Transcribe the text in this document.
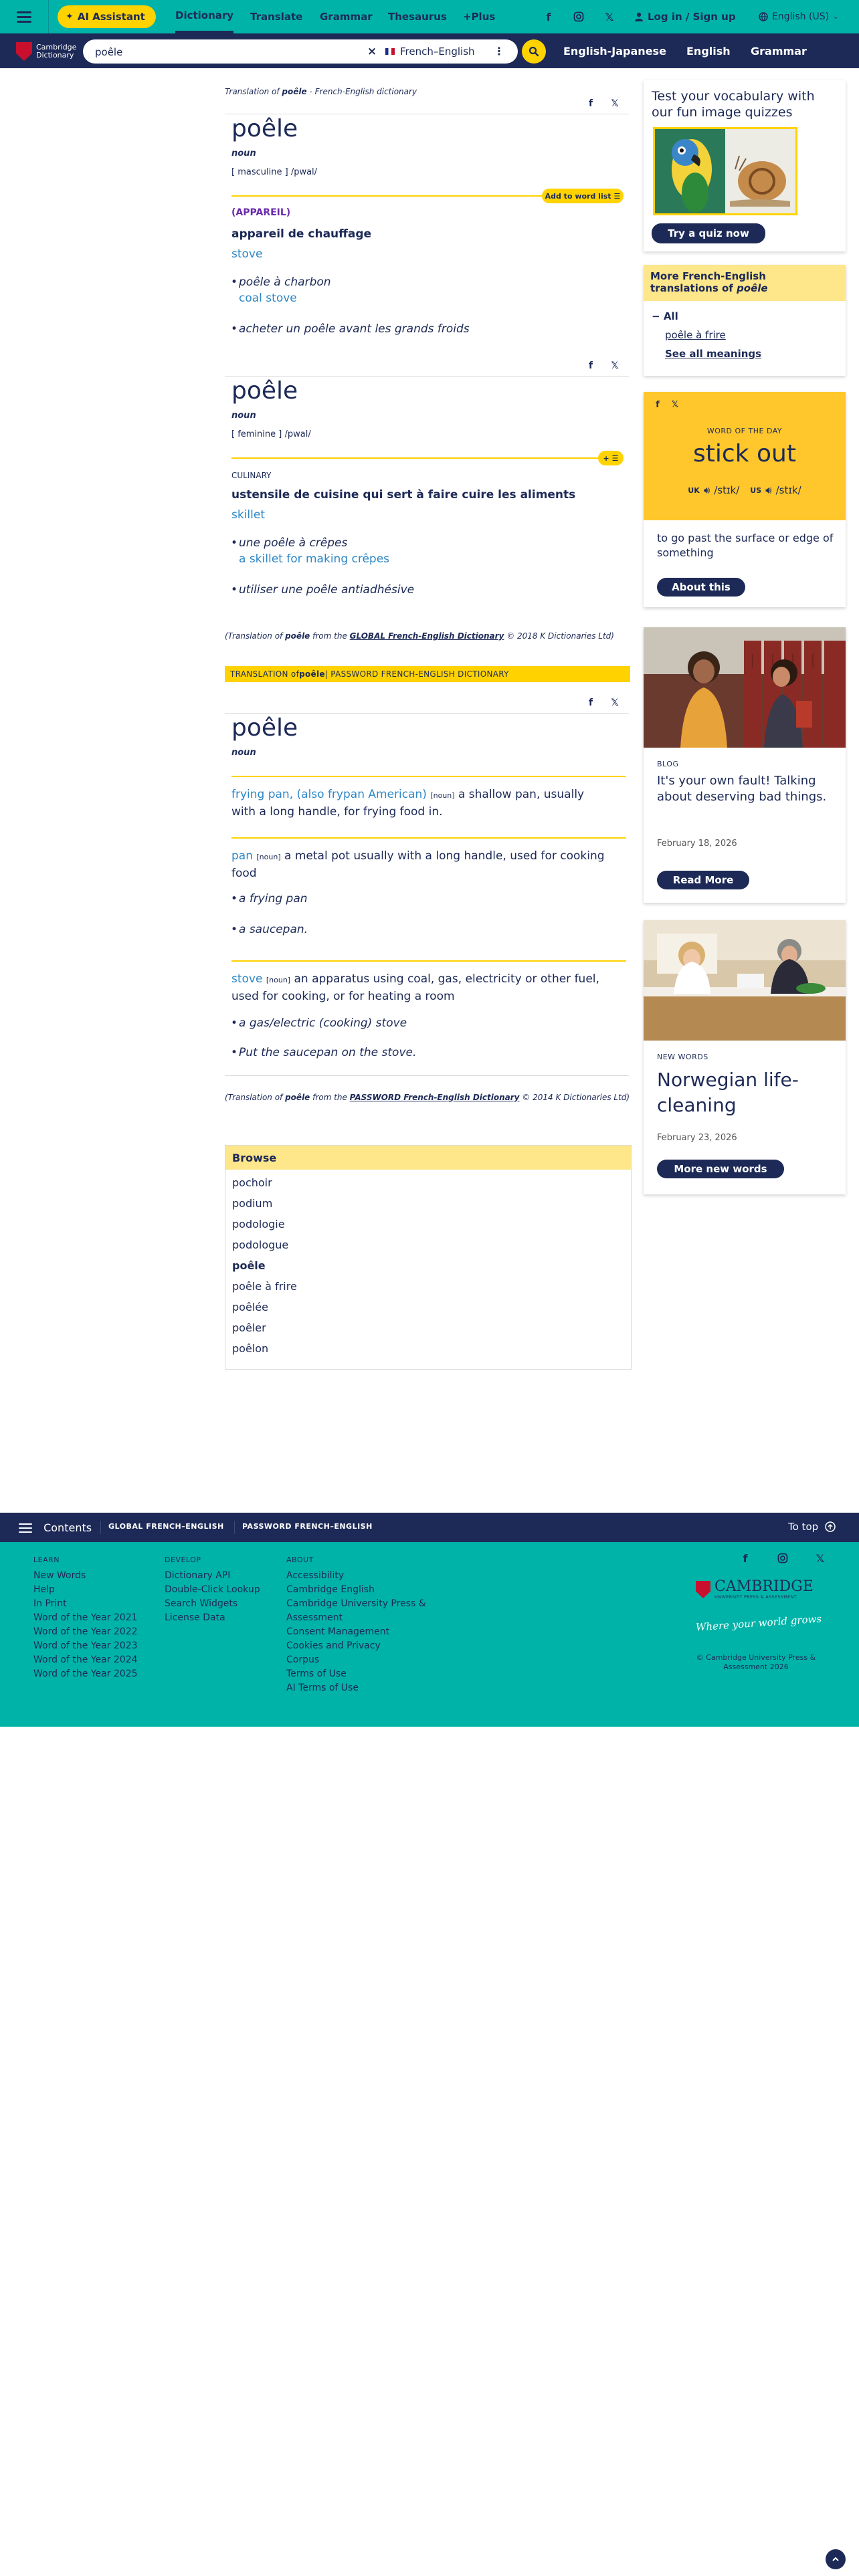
✦ AI Assistant	Dictionary Translate Grammar Thesaurus +Plus	f	𝕏	Log in / Sign up	English (US) ⌄
Cambridge
Dictionary
poêle	× French–English ⋮	English-Japanese English Grammar
Translation of poêle - French-English dictionary
f	𝕏
poêle
noun
[ masculine ] /pwal/
Add to word list ☰
(APPAREIL)
appareil de chauffage
stove
• poêle à charbon
coal stove
• acheter un poêle avant les grands froids
f	𝕏
poêle
noun
[ feminine ] /pwal/
+ ☰
CULINARY
ustensile de cuisine qui sert à faire cuire les aliments
skillet
• une poêle à crêpes
a skillet for making crêpes
• utiliser une poêle antiadhésive
(Translation of poêle from the GLOBAL French-English Dictionary © 2018 K Dictionaries Ltd)
TRANSLATION of poêle | PASSWORD FRENCH-ENGLISH DICTIONARY
f	𝕏
poêle
noun
frying pan, (also frypan American) [noun] a shallow pan, usually with a long handle, for frying food in.
pan [noun] a metal pot usually with a long handle, used for cooking food
• a frying pan
• a saucepan.
stove [noun] an apparatus using coal, gas, electricity or other fuel, used for cooking, or for heating a room
• a gas/electric (cooking) stove
• Put the saucepan on the stove.
(Translation of poêle from the PASSWORD French-English Dictionary © 2014 K Dictionaries Ltd)
Browse
pochoir
podium
podologie
podologue
poêle
poêle à frire
poêlée
poêler
poêlon
Test your vocabulary with our fun image quizzes
Try a quiz now
More French-English
translations of poêle
− All
poêle à frire
See all meanings
f	𝕏
WORD OF THE DAY
stick out
UK 🔊︎ /stɪk/ US 🔊︎ /stɪk/
to go past the surface or edge of something
About this
BLOG
It's your own fault! Talking about deserving bad things.
February 18, 2026
Read More
NEW WORDS
Norwegian life-cleaning
February 23, 2026
More new words
Contents GLOBAL FRENCH–ENGLISH PASSWORD FRENCH–ENGLISH	To top
LEARN
New Words
Help
In Print
Word of the Year 2021
Word of the Year 2022
Word of the Year 2023
Word of the Year 2024
Word of the Year 2025
DEVELOP
Dictionary API
Double-Click Lookup
Search Widgets
License Data
ABOUT
Accessibility
Cambridge English
Cambridge University Press & Assessment
Consent Management
Cookies and Privacy
Corpus
Terms of Use
AI Terms of Use
f	𝕏
CAMBRIDGE
UNIVERSITY PRESS & ASSESSMENT
Where your world grows
© Cambridge University Press & Assessment 2026
